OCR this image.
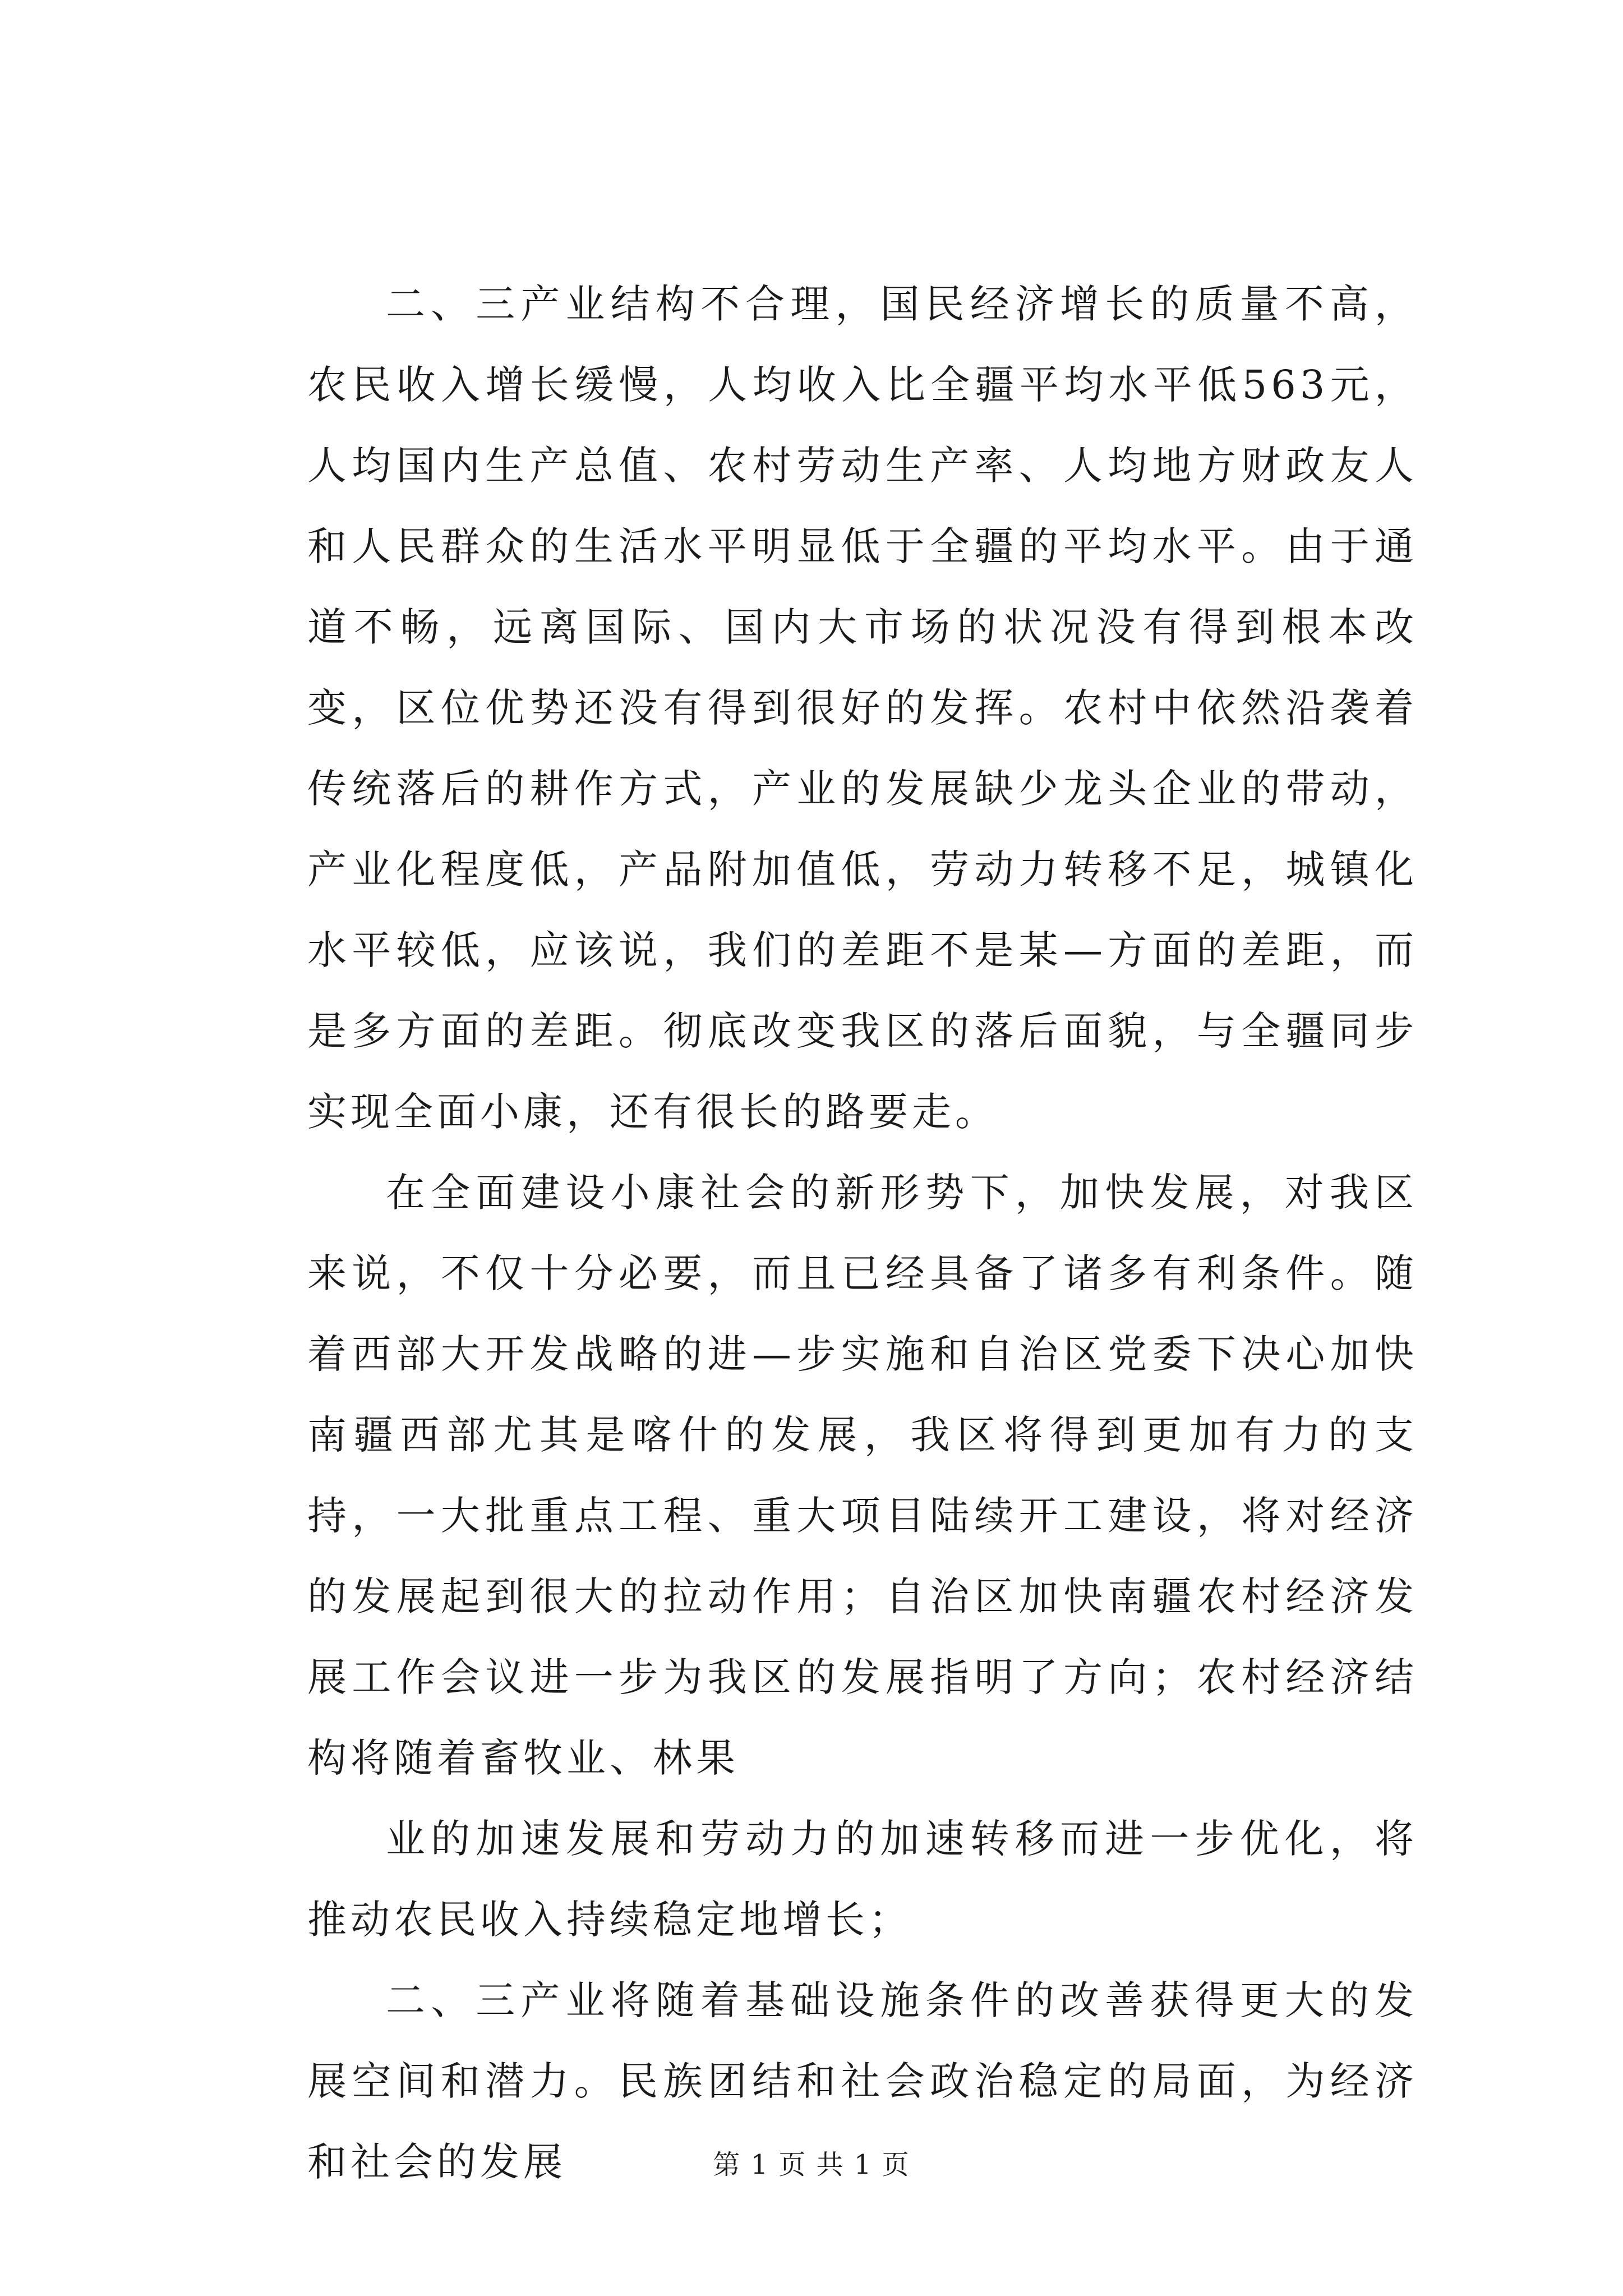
二、三产业结构不合理，国民经济增长的质量不高，农民收入增长缓慢，人均收入比全疆平均水平低563元，人均国内生产总值、农村劳动生产率、人均地方财政友人和人民群众的生活水平明显低于全疆的平均水平。由于通道不畅，远离国际、国内大市场的状况没有得到根本改变，区位优势还没有得到很好的发挥。农村中依然沿袭着传统落后的耕作方式，产业的发展缺少龙头企业的带动，产业化程度低，产品附加值低，劳动力转移不足，城镇化水平较低，应该说，我们的差距不是某—方面的差距，而是多方面的差距。彻底改变我区的落后面貌，与全疆同步实现全面小康，还有很长的路要走。

在全面建设小康社会的新形势下，加快发展，对我区来说，不仅十分必要，而且已经具备了诸多有利条件。随着西部大开发战略的进—步实施和自治区党委下决心加快南疆西部尤其是喀什的发展，我区将得到更加有力的支持，一大批重点工程、重大项目陆续开工建设，将对经济的发展起到很大的拉动作用；自治区加快南疆农村经济发展工作会议进一步为我区的发展指明了方向；农村经济结构将随着畜牧业、林果

业的加速发展和劳动力的加速转移而进一步优化，将推动农民收入持续稳定地增长；

二、三产业将随着基础设施条件的改善获得更大的发展空间和潜力。民族团结和社会政治稳定的局面，为经济和社会的发展	第 1 页 共 1 页
